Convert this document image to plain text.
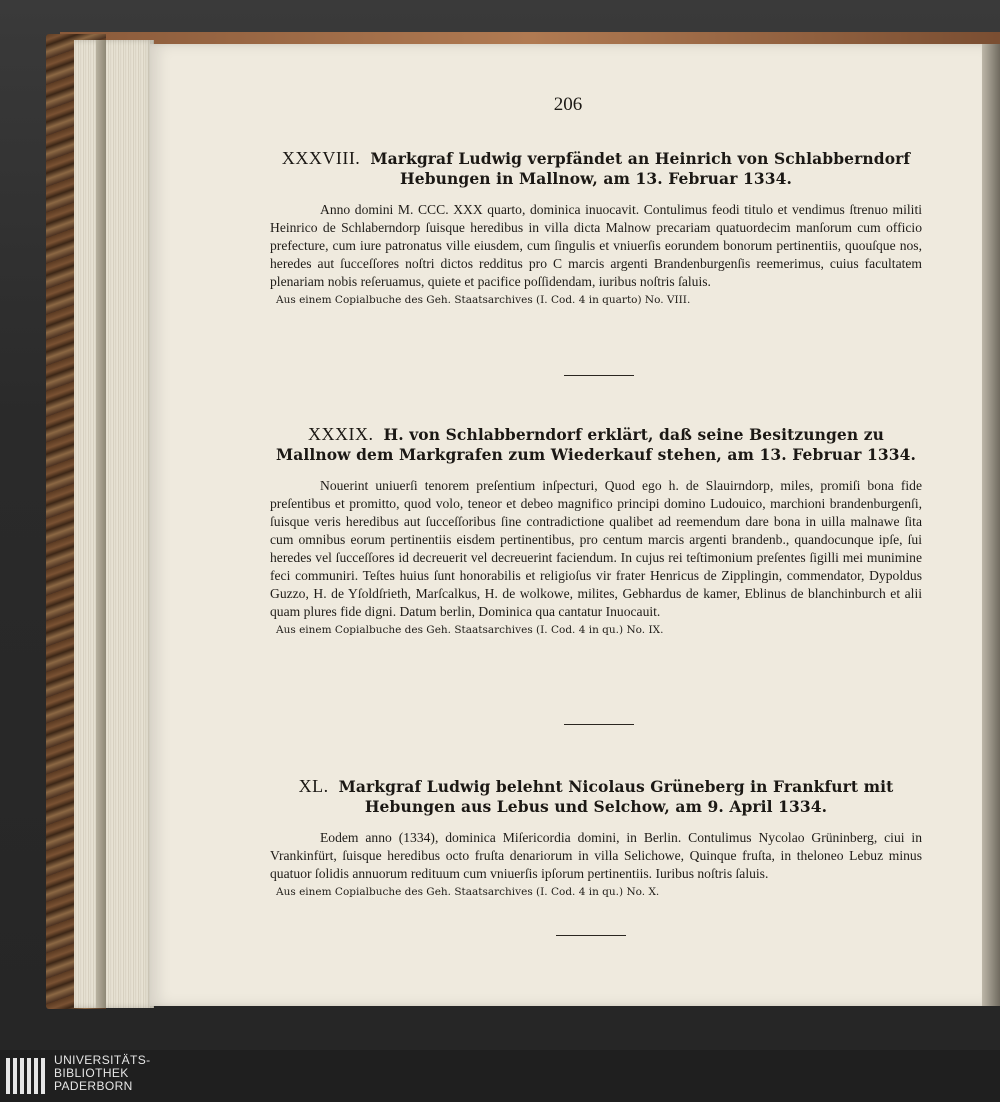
206
XXXVIII. Markgraf Ludwig verpfändet an Heinrich von Schlabberndorf Hebungen in Mallnow, am 13. Februar 1334.
Anno domini M. CCC. XXX quarto, dominica inuocavit. Contulimus feodi titulo et vendimus ſtrenuo militi Heinrico de Schlaberndorp ſuisque heredibus in villa dicta Malnow precariam quatuordecim manſorum cum officio prefecture, cum iure patronatus ville eiusdem, cum ſingulis et vniuerſis eorundem bonorum pertinentiis, quouſque nos, heredes aut ſucceſſores noſtri dictos redditus pro C marcis argenti Brandenburgenſis reemerimus, cuius facultatem plenariam nobis reſeruamus, quiete et pacifice poſſidendam, iuribus noſtris ſaluis.
Aus einem Copialbuche des Geh. Staatsarchives (I. Cod. 4 in quarto) No. VIII.
XXXIX. H. von Schlabberndorf erklärt, daß seine Besitzungen zu Mallnow dem Markgrafen zum Wiederkauf stehen, am 13. Februar 1334.
Nouerint uniuerſi tenorem preſentium inſpecturi, Quod ego h. de Slauirndorp, miles, promiſi bona fide preſentibus et promitto, quod volo, teneor et debeo magnifico principi domino Ludouico, marchioni brandenburgenſi, ſuisque veris heredibus aut ſucceſſoribus ſine contradictione qualibet ad reemendum dare bona in uilla malnawe ſita cum omnibus eorum pertinentiis eisdem pertinentibus, pro centum marcis argenti brandenb., quandocunque ipſe, ſui heredes vel ſucceſſores id decreuerit vel decreuerint faciendum. In cujus rei teſtimonium preſentes ſigilli mei munimine feci communiri. Teſtes huius ſunt honorabilis et religioſus vir frater Henricus de Zipplingin, commendator, Dypoldus Guzzo, H. de Yſoldſrieth, Marſcalkus, H. de wolkowe, milites, Gebhardus de kamer, Eblinus de blanchinburch et alii quam plures fide digni. Datum berlin, Dominica qua cantatur Inuocauit.
Aus einem Copialbuche des Geh. Staatsarchives (I. Cod. 4 in qu.) No. IX.
XL. Markgraf Ludwig belehnt Nicolaus Grüneberg in Frankfurt mit Hebungen aus Lebus und Selchow, am 9. April 1334.
Eodem anno (1334), dominica Miſericordia domini, in Berlin. Contulimus Nycolao Grüninberg, ciui in Vrankinfürt, ſuisque heredibus octo fruſta denariorum in villa Selichowe, Quinque fruſta, in theloneo Lebuz minus quatuor ſolidis annuorum redituum cum vniuerſis ipſorum pertinentiis. Iuribus noſtris ſaluis.
Aus einem Copialbuche des Geh. Staatsarchives (I. Cod. 4 in qu.) No. X.
UNIVERSITÄTS-
BIBLIOTHEK
PADERBORN
